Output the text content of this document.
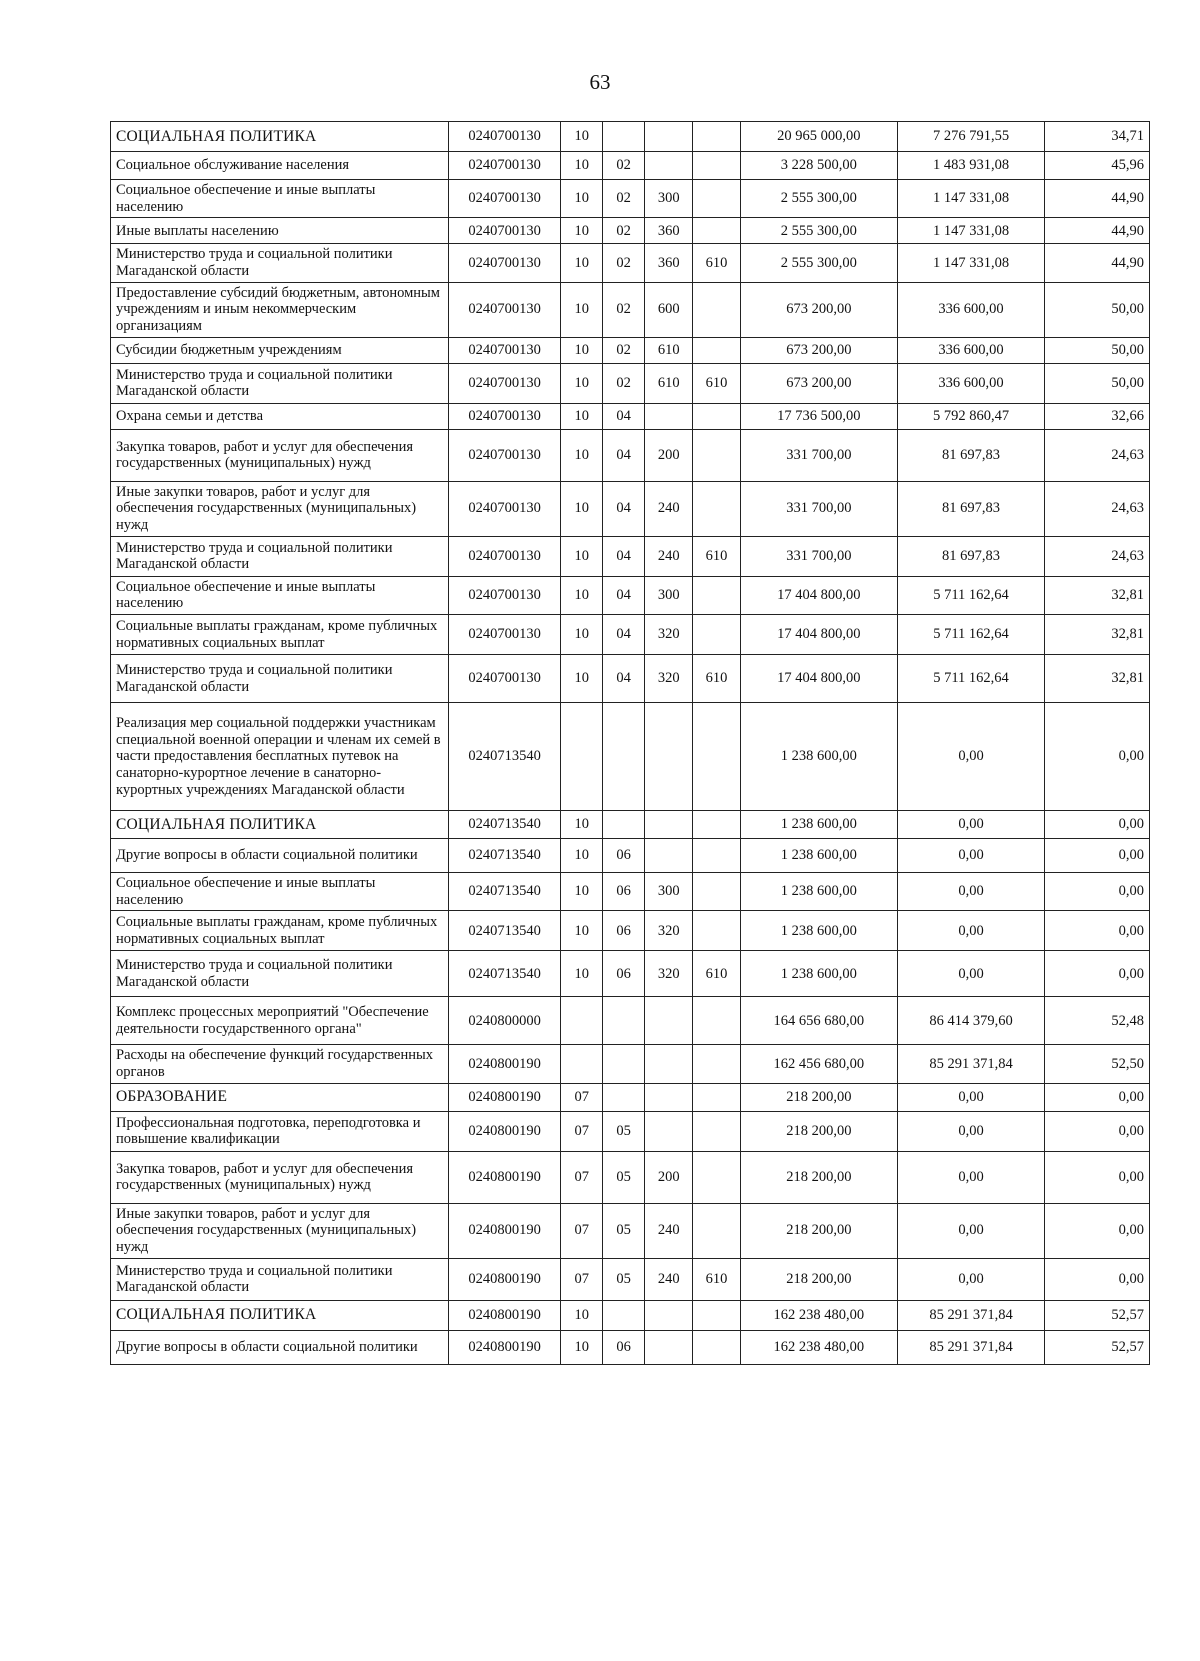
63
СОЦИАЛЬНАЯ ПОЛИТИКА	0240700130	10				20 965 000,00	7 276 791,55	34,71
Социальное обслуживание населения	0240700130	10	02			3 228 500,00	1 483 931,08	45,96
Социальное обеспечение и иные выплаты населению	0240700130	10	02	300		2 555 300,00	1 147 331,08	44,90
Иные выплаты населению	0240700130	10	02	360		2 555 300,00	1 147 331,08	44,90
Министерство труда и социальной политики Магаданской области	0240700130	10	02	360	610	2 555 300,00	1 147 331,08	44,90
Предоставление субсидий бюджетным, автономным учреждениям и иным некоммерческим организациям	0240700130	10	02	600		673 200,00	336 600,00	50,00
Субсидии бюджетным учреждениям	0240700130	10	02	610		673 200,00	336 600,00	50,00
Министерство труда и социальной политики Магаданской области	0240700130	10	02	610	610	673 200,00	336 600,00	50,00
Охрана семьи и детства	0240700130	10	04			17 736 500,00	5 792 860,47	32,66
Закупка товаров, работ и услуг для обеспечения государственных (муниципальных) нужд	0240700130	10	04	200		331 700,00	81 697,83	24,63
Иные закупки товаров, работ и услуг для обеспечения государственных (муниципальных) нужд	0240700130	10	04	240		331 700,00	81 697,83	24,63
Министерство труда и социальной политики Магаданской области	0240700130	10	04	240	610	331 700,00	81 697,83	24,63
Социальное обеспечение и иные выплаты населению	0240700130	10	04	300		17 404 800,00	5 711 162,64	32,81
Социальные выплаты гражданам, кроме публичных нормативных социальных выплат	0240700130	10	04	320		17 404 800,00	5 711 162,64	32,81
Министерство труда и социальной политики Магаданской области	0240700130	10	04	320	610	17 404 800,00	5 711 162,64	32,81
Реализация мер социальной поддержки участникам специальной военной операции и членам их семей в части предоставления бесплатных путевок на санаторно-курортное лечение в санаторно-курортных учреждениях Магаданской области	0240713540					1 238 600,00	0,00	0,00
СОЦИАЛЬНАЯ ПОЛИТИКА	0240713540	10				1 238 600,00	0,00	0,00
Другие вопросы в области социальной политики	0240713540	10	06			1 238 600,00	0,00	0,00
Социальное обеспечение и иные выплаты населению	0240713540	10	06	300		1 238 600,00	0,00	0,00
Социальные выплаты гражданам, кроме публичных нормативных социальных выплат	0240713540	10	06	320		1 238 600,00	0,00	0,00
Министерство труда и социальной политики Магаданской области	0240713540	10	06	320	610	1 238 600,00	0,00	0,00
Комплекс процессных мероприятий "Обеспечение деятельности государственного органа"	0240800000					164 656 680,00	86 414 379,60	52,48
Расходы на обеспечение функций государственных органов	0240800190					162 456 680,00	85 291 371,84	52,50
ОБРАЗОВАНИЕ	0240800190	07				218 200,00	0,00	0,00
Профессиональная подготовка, переподготовка и повышение квалификации	0240800190	07	05			218 200,00	0,00	0,00
Закупка товаров, работ и услуг для обеспечения государственных (муниципальных) нужд	0240800190	07	05	200		218 200,00	0,00	0,00
Иные закупки товаров, работ и услуг для обеспечения государственных (муниципальных) нужд	0240800190	07	05	240		218 200,00	0,00	0,00
Министерство труда и социальной политики Магаданской области	0240800190	07	05	240	610	218 200,00	0,00	0,00
СОЦИАЛЬНАЯ ПОЛИТИКА	0240800190	10				162 238 480,00	85 291 371,84	52,57
Другие вопросы в области социальной политики	0240800190	10	06			162 238 480,00	85 291 371,84	52,57
